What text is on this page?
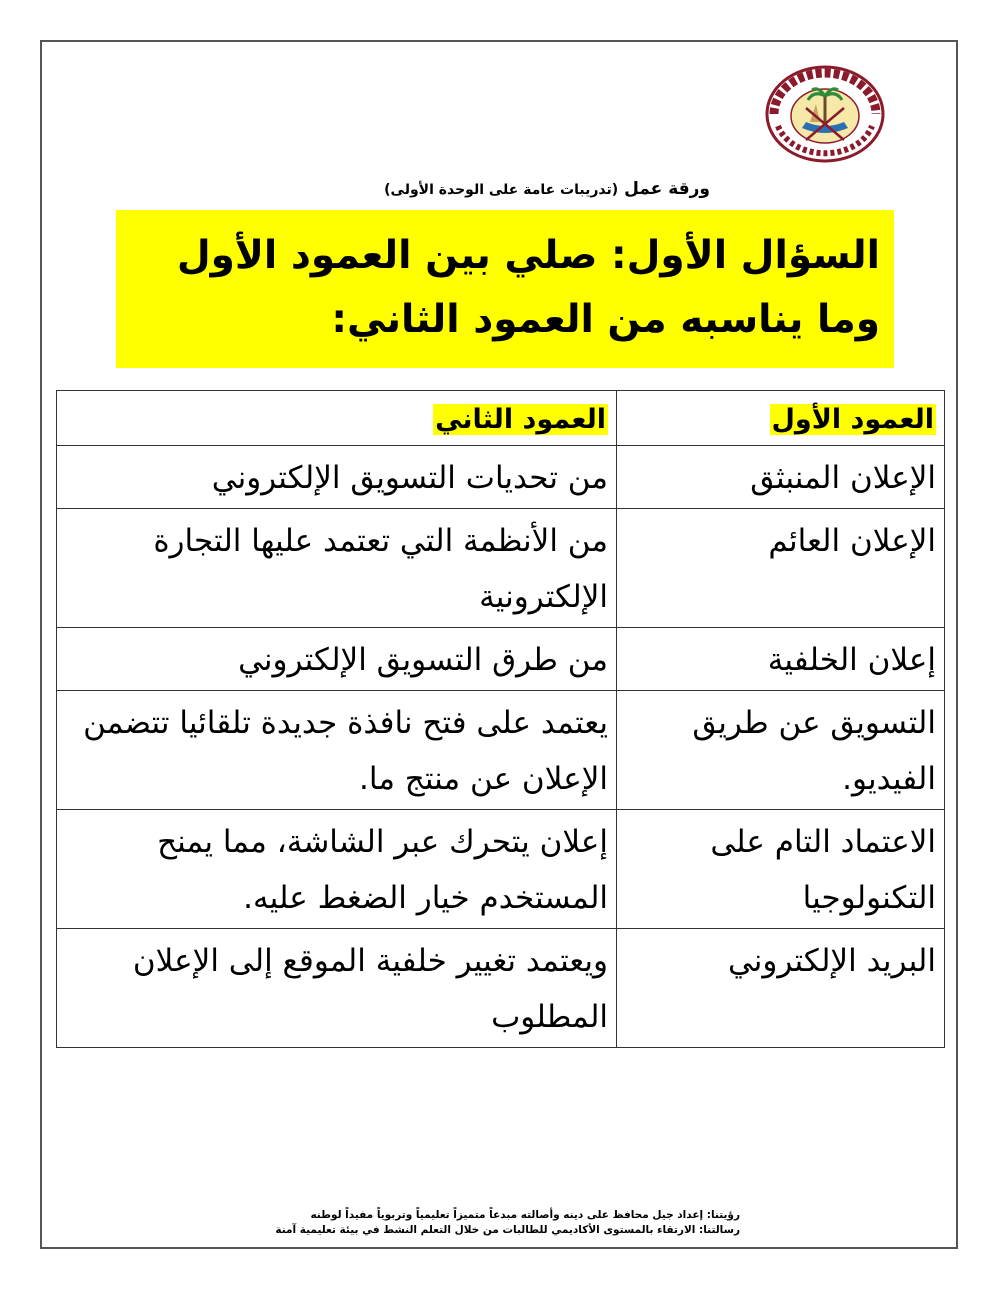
ورقة عمل (تدريبات عامة على الوحدة الأولى)
السؤال الأول: صلي بين العمود الأول
وما يناسبه من العمود الثاني:
العمود الأول	العمود الثاني
الإعلان المنبثق	من تحديات التسويق الإلكتروني
الإعلان العائم	من الأنظمة التي تعتمد عليها التجارة الإلكترونية
إعلان الخلفية	من طرق التسويق الإلكتروني
التسويق عن طريق الفيديو.	يعتمد على فتح نافذة جديدة تلقائيا تتضمن الإعلان عن منتج ما.
الاعتماد التام على التكنولوجيا	إعلان يتحرك عبر الشاشة، مما يمنح المستخدم خيار الضغط عليه.
البريد الإلكتروني	ويعتمد تغيير خلفية الموقع إلى الإعلان المطلوب
رؤيتنا: إعداد جيل محافظ على دينه وأصالته مبدعاً متميزاً تعليمياً وتربوياً مفيداً لوطنه
رسالتنا: الارتقاء بالمستوى الأكاديمي للطالبات من خلال التعلم النشط في بيئة تعليمية آمنة
